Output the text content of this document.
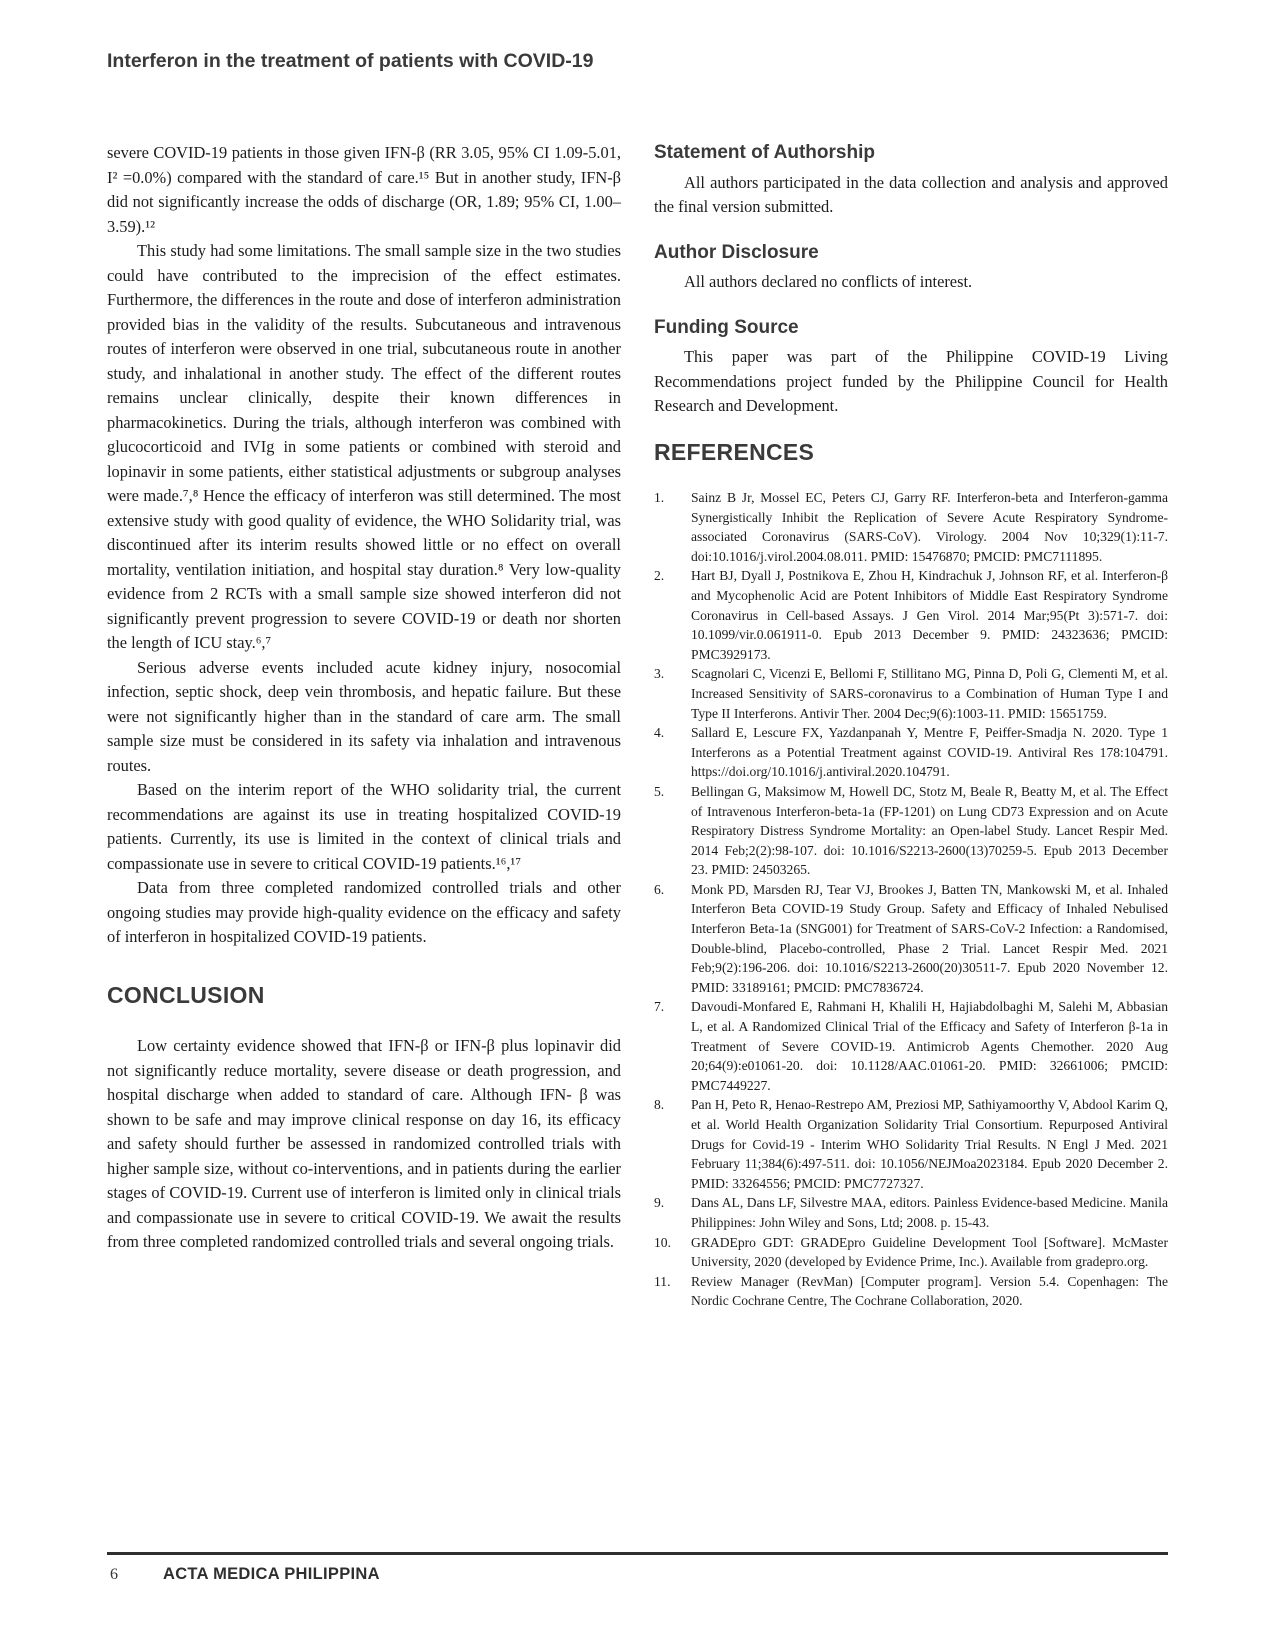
Interferon in the treatment of patients with COVID-19

severe COVID-19 patients in those given IFN-β (RR 3.05, 95% CI 1.09-5.01, I² =0.0%) compared with the standard of care.¹⁵ But in another study, IFN-β did not significantly increase the odds of discharge (OR, 1.89; 95% CI, 1.00–3.59).¹²

This study had some limitations. The small sample size in the two studies could have contributed to the imprecision of the effect estimates. Furthermore, the differences in the route and dose of interferon administration provided bias in the validity of the results. Subcutaneous and intravenous routes of interferon were observed in one trial, subcutaneous route in another study, and inhalational in another study. The effect of the different routes remains unclear clinically, despite their known differences in pharmacokinetics. During the trials, although interferon was combined with glucocorticoid and IVIg in some patients or combined with steroid and lopinavir in some patients, either statistical adjustments or subgroup analyses were made.⁷,⁸ Hence the efficacy of interferon was still determined. The most extensive study with good quality of evidence, the WHO Solidarity trial, was discontinued after its interim results showed little or no effect on overall mortality, ventilation initiation, and hospital stay duration.⁸ Very low-quality evidence from 2 RCTs with a small sample size showed interferon did not significantly prevent progression to severe COVID-19 or death nor shorten the length of ICU stay.⁶,⁷

Serious adverse events included acute kidney injury, nosocomial infection, septic shock, deep vein thrombosis, and hepatic failure. But these were not significantly higher than in the standard of care arm. The small sample size must be considered in its safety via inhalation and intravenous routes.

Based on the interim report of the WHO solidarity trial, the current recommendations are against its use in treating hospitalized COVID-19 patients. Currently, its use is limited in the context of clinical trials and compassionate use in severe to critical COVID-19 patients.¹⁶,¹⁷

Data from three completed randomized controlled trials and other ongoing studies may provide high-quality evidence on the efficacy and safety of interferon in hospitalized COVID-19 patients.

CONCLUSION

Low certainty evidence showed that IFN-β or IFN-β plus lopinavir did not significantly reduce mortality, severe disease or death progression, and hospital discharge when added to standard of care. Although IFN- β was shown to be safe and may improve clinical response on day 16, its efficacy and safety should further be assessed in randomized controlled trials with higher sample size, without co-interventions, and in patients during the earlier stages of COVID-19. Current use of interferon is limited only in clinical trials and compassionate use in severe to critical COVID-19. We await the results from three completed randomized controlled trials and several ongoing trials.

Statement of Authorship

All authors participated in the data collection and analysis and approved the final version submitted.

Author Disclosure

All authors declared no conflicts of interest.

Funding Source

This paper was part of the Philippine COVID-19 Living Recommendations project funded by the Philippine Council for Health Research and Development.

REFERENCES
1. Sainz B Jr, Mossel EC, Peters CJ, Garry RF. Interferon-beta and Interferon-gamma Synergistically Inhibit the Replication of Severe Acute Respiratory Syndrome-associated Coronavirus (SARS-CoV). Virology. 2004 Nov 10;329(1):11-7. doi:10.1016/j.virol.2004.08.011. PMID: 15476870; PMCID: PMC7111895.
2. Hart BJ, Dyall J, Postnikova E, Zhou H, Kindrachuk J, Johnson RF, et al. Interferon-β and Mycophenolic Acid are Potent Inhibitors of Middle East Respiratory Syndrome Coronavirus in Cell-based Assays. J Gen Virol. 2014 Mar;95(Pt 3):571-7. doi: 10.1099/vir.0.061911-0. Epub 2013 December 9. PMID: 24323636; PMCID: PMC3929173.
3. Scagnolari C, Vicenzi E, Bellomi F, Stillitano MG, Pinna D, Poli G, Clementi M, et al. Increased Sensitivity of SARS-coronavirus to a Combination of Human Type I and Type II Interferons. Antivir Ther. 2004 Dec;9(6):1003-11. PMID: 15651759.
4. Sallard E, Lescure FX, Yazdanpanah Y, Mentre F, Peiffer-Smadja N. 2020. Type 1 Interferons as a Potential Treatment against COVID-19. Antiviral Res 178:104791. https://doi.org/10.1016/j.antiviral.2020.104791.
5. Bellingan G, Maksimow M, Howell DC, Stotz M, Beale R, Beatty M, et al. The Effect of Intravenous Interferon-beta-1a (FP-1201) on Lung CD73 Expression and on Acute Respiratory Distress Syndrome Mortality: an Open-label Study. Lancet Respir Med. 2014 Feb;2(2):98-107. doi: 10.1016/S2213-2600(13)70259-5. Epub 2013 December 23. PMID: 24503265.
6. Monk PD, Marsden RJ, Tear VJ, Brookes J, Batten TN, Mankowski M, et al. Inhaled Interferon Beta COVID-19 Study Group. Safety and Efficacy of Inhaled Nebulised Interferon Beta-1a (SNG001) for Treatment of SARS-CoV-2 Infection: a Randomised, Double-blind, Placebo-controlled, Phase 2 Trial. Lancet Respir Med. 2021 Feb;9(2):196-206. doi: 10.1016/S2213-2600(20)30511-7. Epub 2020 November 12. PMID: 33189161; PMCID: PMC7836724.
7. Davoudi-Monfared E, Rahmani H, Khalili H, Hajiabdolbaghi M, Salehi M, Abbasian L, et al. A Randomized Clinical Trial of the Efficacy and Safety of Interferon β-1a in Treatment of Severe COVID-19. Antimicrob Agents Chemother. 2020 Aug 20;64(9):e01061-20. doi: 10.1128/AAC.01061-20. PMID: 32661006; PMCID: PMC7449227.
8. Pan H, Peto R, Henao-Restrepo AM, Preziosi MP, Sathiyamoorthy V, Abdool Karim Q, et al. World Health Organization Solidarity Trial Consortium. Repurposed Antiviral Drugs for Covid-19 - Interim WHO Solidarity Trial Results. N Engl J Med. 2021 February 11;384(6):497-511. doi: 10.1056/NEJMoa2023184. Epub 2020 December 2. PMID: 33264556; PMCID: PMC7727327.
9. Dans AL, Dans LF, Silvestre MAA, editors. Painless Evidence-based Medicine. Manila Philippines: John Wiley and Sons, Ltd; 2008. p. 15-43.
10. GRADEpro GDT: GRADEpro Guideline Development Tool [Software]. McMaster University, 2020 (developed by Evidence Prime, Inc.). Available from gradepro.org.
11. Review Manager (RevMan) [Computer program]. Version 5.4. Copenhagen: The Nordic Cochrane Centre, The Cochrane Collaboration, 2020.
6	ACTA MEDICA PHILIPPINA
